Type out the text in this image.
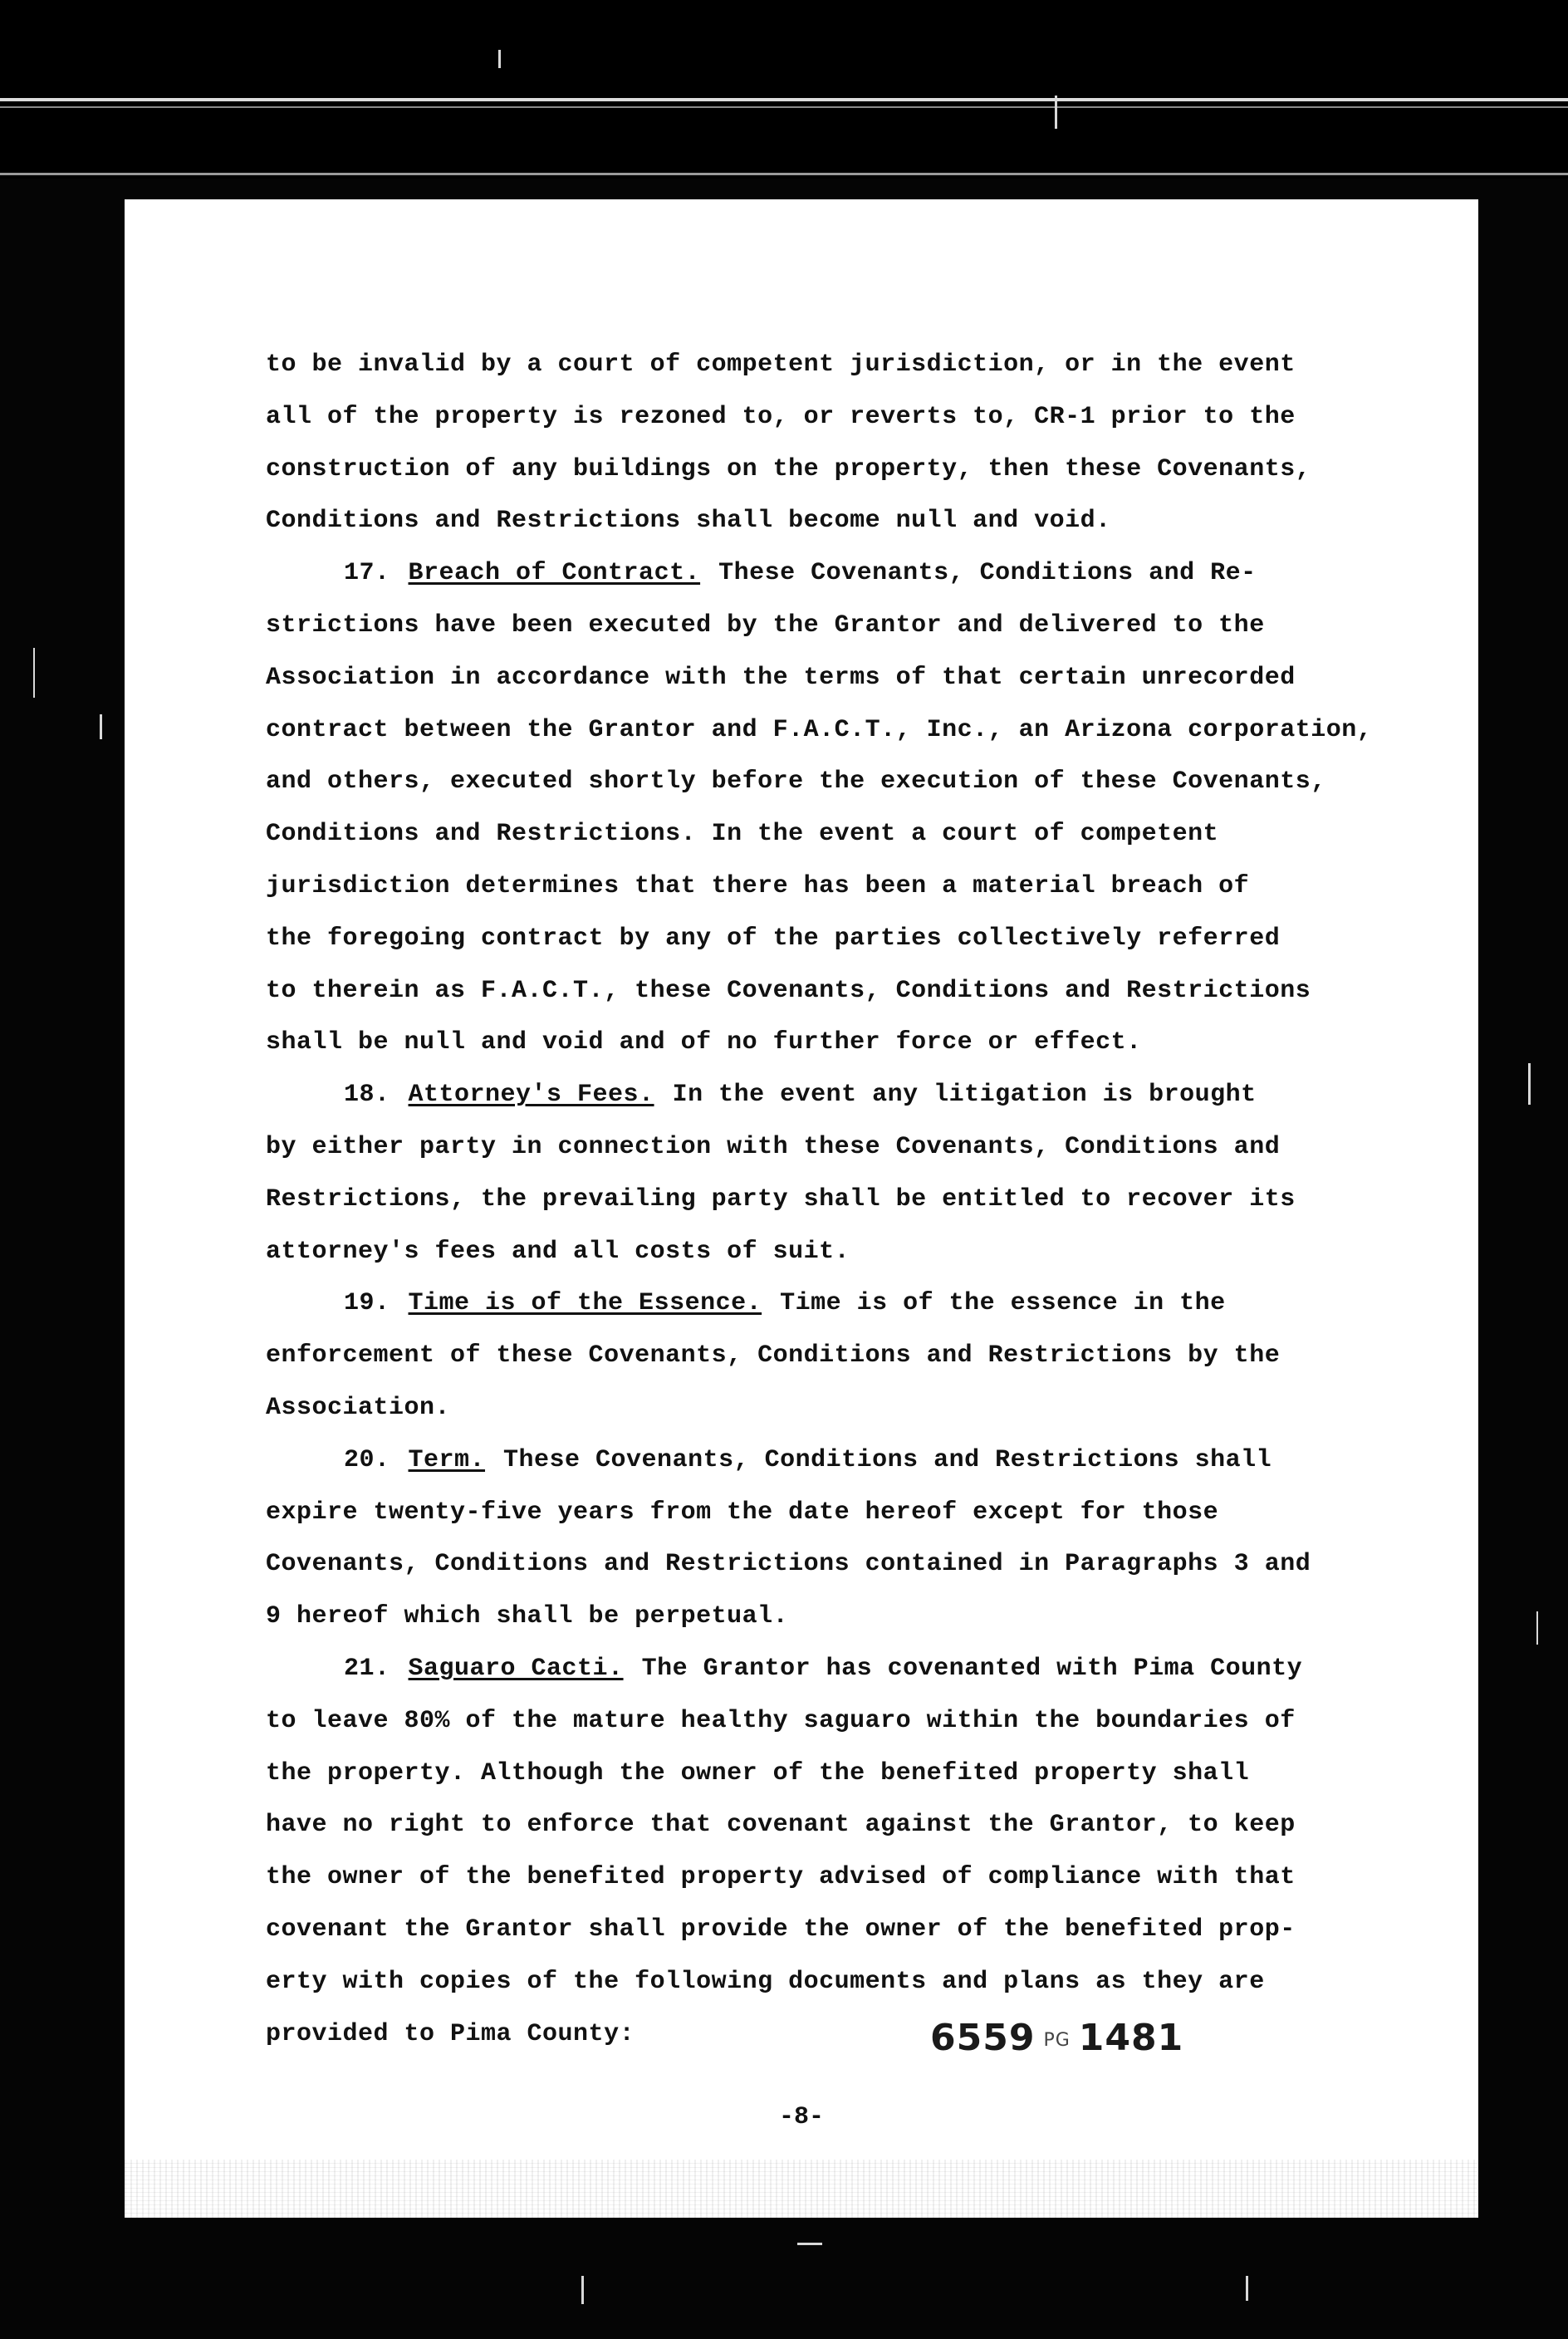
to be invalid by a court of competent jurisdiction, or in the event
all of the property is rezoned to, or reverts to, CR-1 prior to the
construction of any buildings on the property, then these Covenants,
Conditions and Restrictions shall become null and void.

17. Breach of Contract. These Covenants, Conditions and Re-
strictions have been executed by the Grantor and delivered to the
Association in accordance with the terms of that certain unrecorded
contract between the Grantor and F.A.C.T., Inc., an Arizona corporation,
and others, executed shortly before the execution of these Covenants,
Conditions and Restrictions. In the event a court of competent
jurisdiction determines that there has been a material breach of
the foregoing contract by any of the parties collectively referred
to therein as F.A.C.T., these Covenants, Conditions and Restrictions
shall be null and void and of no further force or effect.

18. Attorney's Fees. In the event any litigation is brought
by either party in connection with these Covenants, Conditions and
Restrictions, the prevailing party shall be entitled to recover its
attorney's fees and all costs of suit.

19. Time is of the Essence. Time is of the essence in the
enforcement of these Covenants, Conditions and Restrictions by the
Association.

20. Term. These Covenants, Conditions and Restrictions shall
expire twenty-five years from the date hereof except for those
Covenants, Conditions and Restrictions contained in Paragraphs 3 and
9 hereof which shall be perpetual.

21. Saguaro Cacti. The Grantor has covenanted with Pima County
to leave 80% of the mature healthy saguaro within the boundaries of
the property. Although the owner of the benefited property shall
have no right to enforce that covenant against the Grantor, to keep
the owner of the benefited property advised of compliance with that
covenant the Grantor shall provide the owner of the benefited prop-
erty with copies of the following documents and plans as they are
provided to Pima County:	6559 PG 1481
-8-
